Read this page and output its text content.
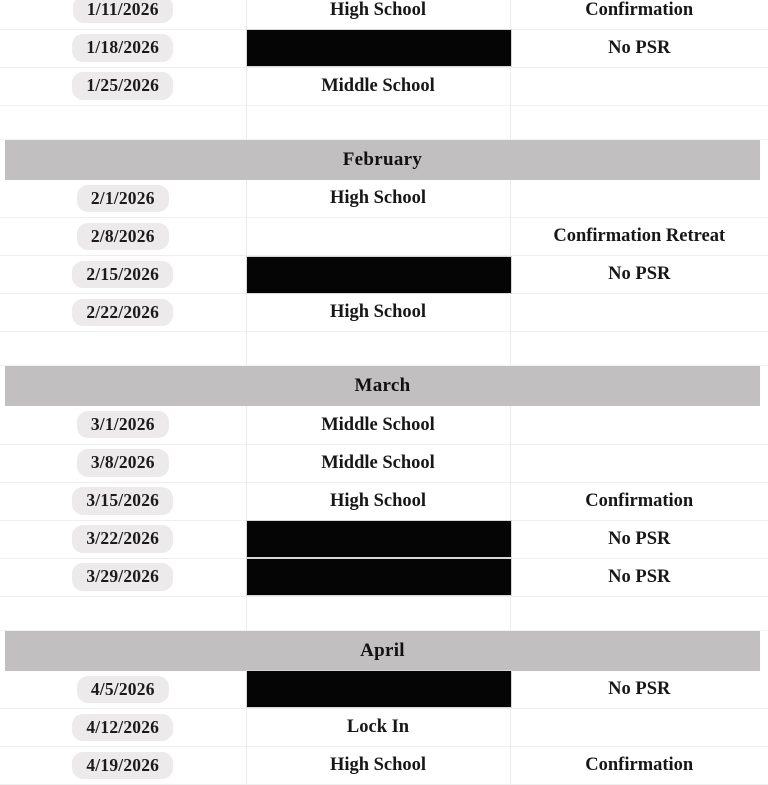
1/11/2026	High School	Confirmation
1/18/2026		No PSR
1/25/2026	Middle School	

February		

2/1/2026	High School	
2/8/2026		Confirmation Retreat
2/15/2026		No PSR
2/22/2026	High School	

March		

3/1/2026	Middle School	
3/8/2026	Middle School	
3/15/2026	High School	Confirmation
3/22/2026		No PSR
3/29/2026		No PSR

April		

4/5/2026		No PSR
4/12/2026	Lock In	
4/19/2026	High School	Confirmation
